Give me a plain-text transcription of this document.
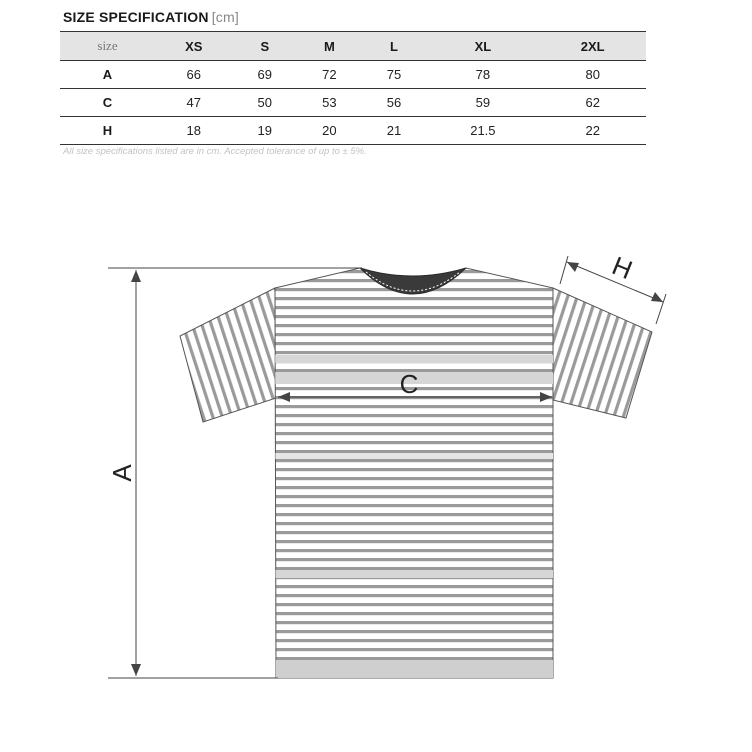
SIZE SPECIFICATION [cm]
size	XS	S	M	L	XL	2XL
A	66	69	72	75	78	80
C	47	50	53	56	59	62
H	18	19	20	21	21.5	22
All size specifications listed are in cm. Accepted tolerance of up to ± 5%.
A
C
H
